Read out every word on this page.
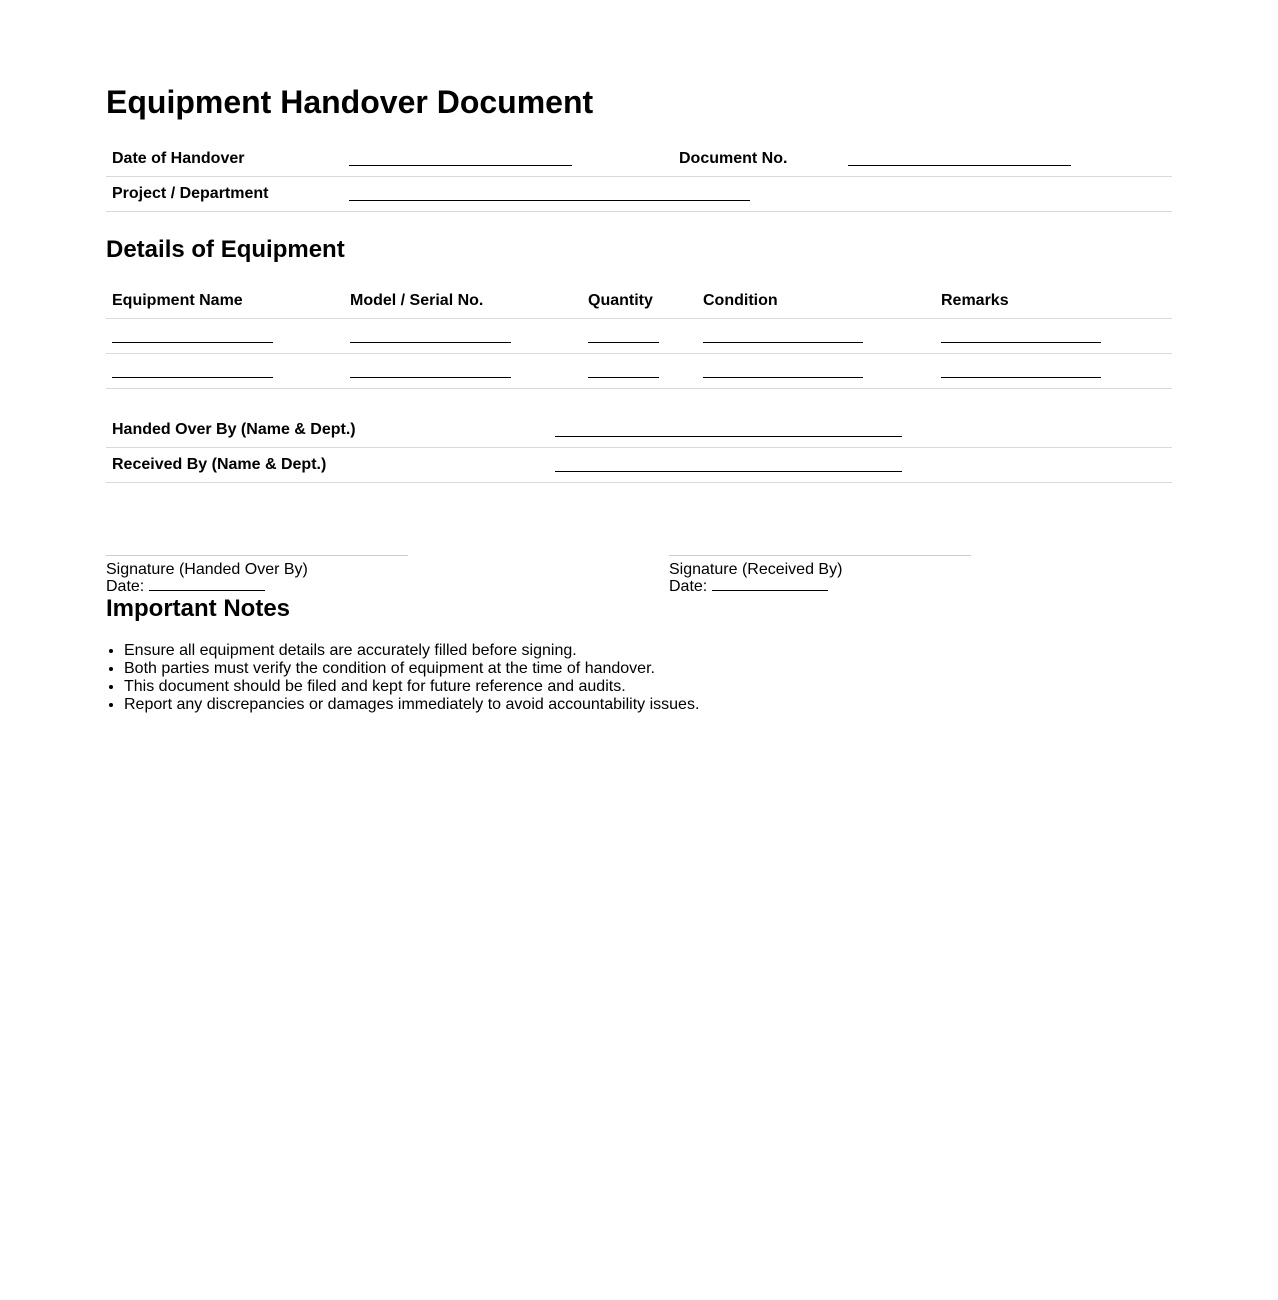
Equipment Handover Document
Date of Handover	Document No.
Project / Department
Details of Equipment
Equipment Name	Model / Serial No.	Quantity	Condition	Remarks
Handed Over By (Name & Dept.)
Received By (Name & Dept.)
Signature (Handed Over By)
Date:
Signature (Received By)
Date:
Important Notes
• Ensure all equipment details are accurately filled before signing.
• Both parties must verify the condition of equipment at the time of handover.
• This document should be filed and kept for future reference and audits.
• Report any discrepancies or damages immediately to avoid accountability issues.
